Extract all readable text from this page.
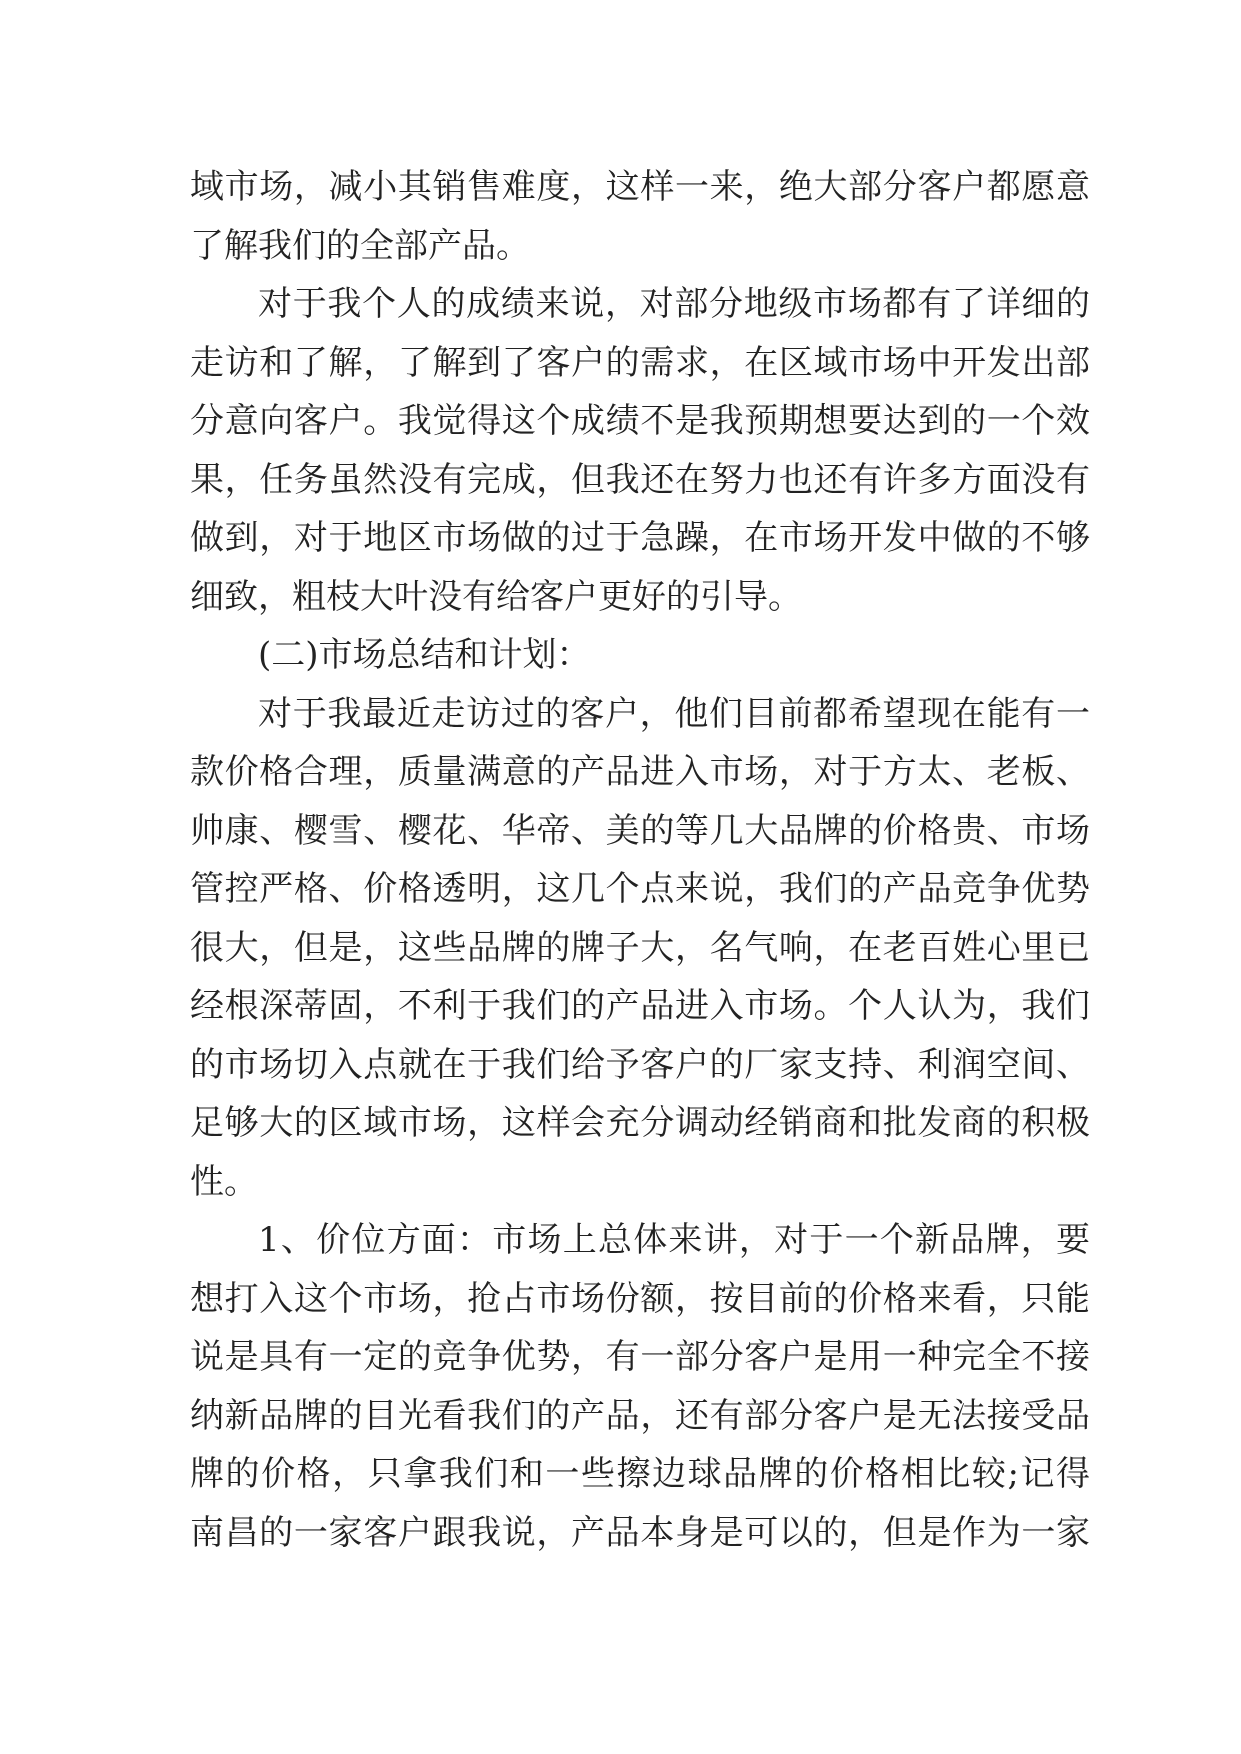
域市场，减小其销售难度，这样一来，绝大部分客户都愿意
了解我们的全部产品。
对于我个人的成绩来说，对部分地级市场都有了详细的
走访和了解，了解到了客户的需求，在区域市场中开发出部
分意向客户。我觉得这个成绩不是我预期想要达到的一个效
果，任务虽然没有完成，但我还在努力也还有许多方面没有
做到，对于地区市场做的过于急躁，在市场开发中做的不够
细致，粗枝大叶没有给客户更好的引导。
(二)市场总结和计划：
对于我最近走访过的客户，他们目前都希望现在能有一
款价格合理，质量满意的产品进入市场，对于方太、老板、
帅康、樱雪、樱花、华帝、美的等几大品牌的价格贵、市场
管控严格、价格透明，这几个点来说，我们的产品竞争优势
很大，但是，这些品牌的牌子大，名气响，在老百姓心里已
经根深蒂固，不利于我们的产品进入市场。个人认为，我们
的市场切入点就在于我们给予客户的厂家支持、利润空间、
足够大的区域市场，这样会充分调动经销商和批发商的积极
性。
1、价位方面：市场上总体来讲，对于一个新品牌，要
想打入这个市场，抢占市场份额，按目前的价格来看，只能
说是具有一定的竞争优势，有一部分客户是用一种完全不接
纳新品牌的目光看我们的产品，还有部分客户是无法接受品
牌的价格，只拿我们和一些擦边球品牌的价格相比较;记得
南昌的一家客户跟我说，产品本身是可以的，但是作为一家
